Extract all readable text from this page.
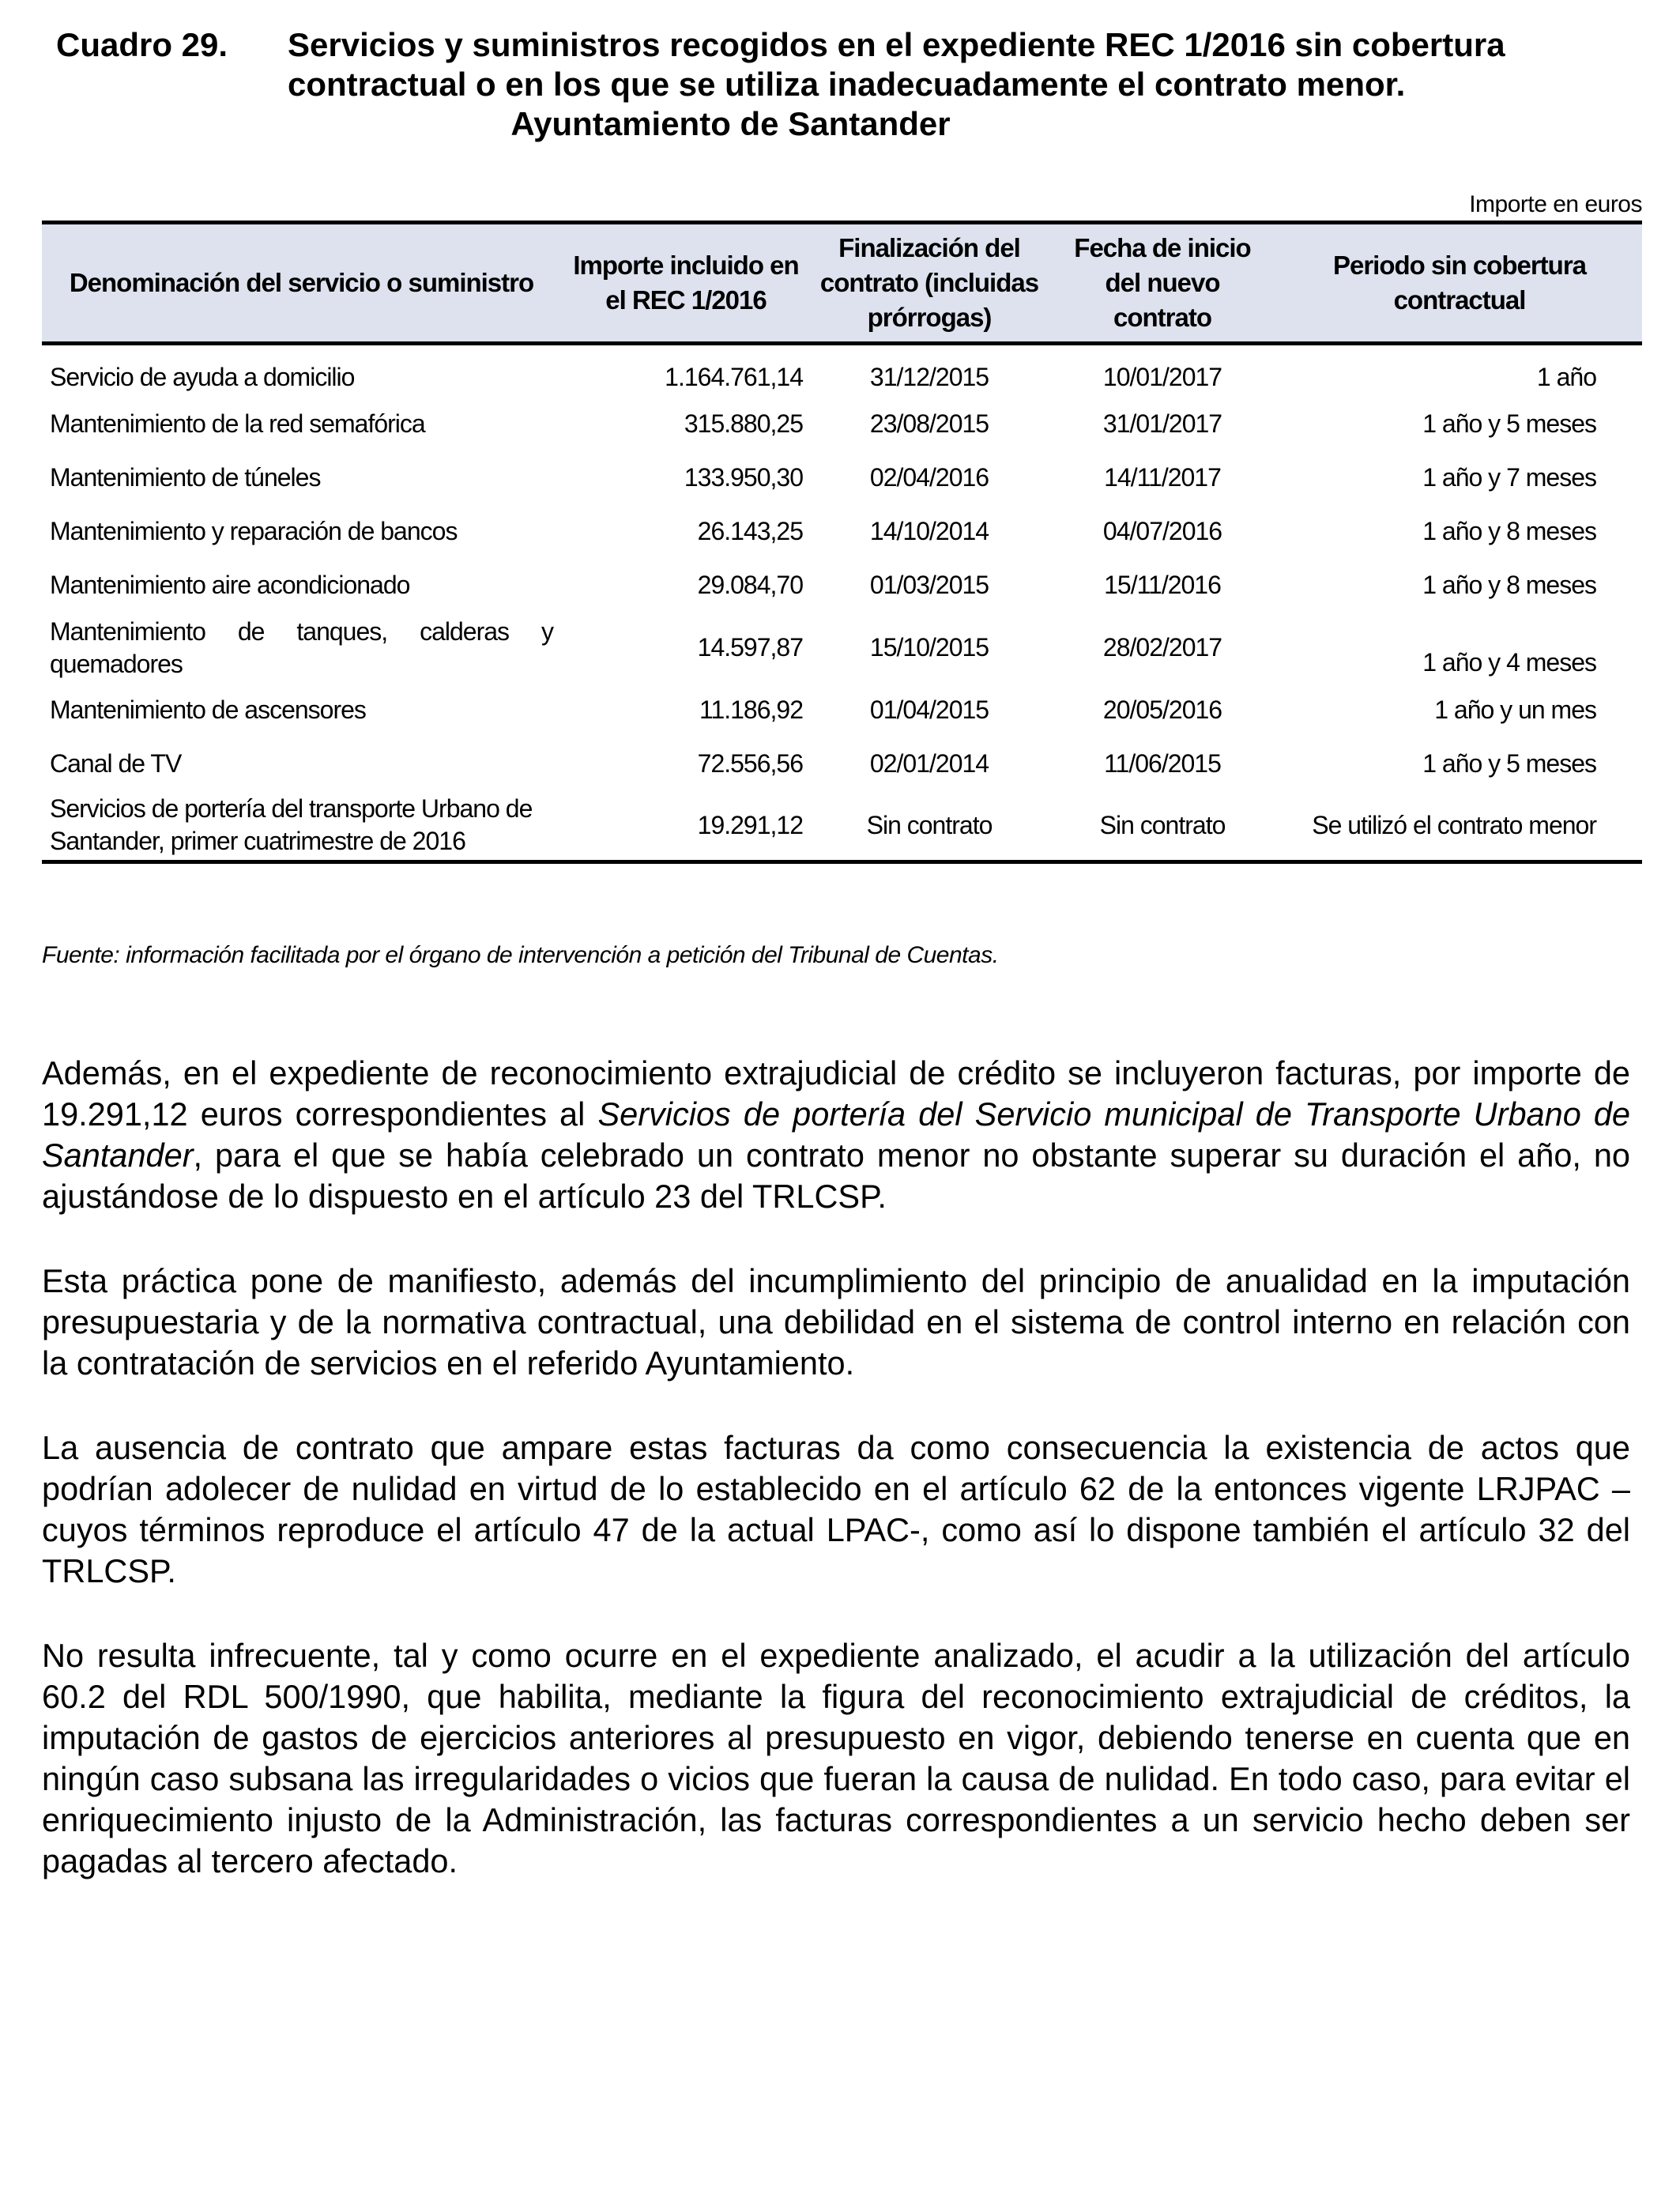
Cuadro 29.	Servicios y suministros recogidos en el expediente REC 1/2016 sin cobertura
contractual o en los que se utiliza inadecuadamente el contrato menor.
Ayuntamiento de Santander
Importe en euros
Denominación del servicio o suministro	Importe incluido en el REC 1/2016	Finalización del contrato (incluidas prórrogas)	Fecha de inicio del nuevo contrato	Periodo sin cobertura contractual
Servicio de ayuda a domicilio	1.164.761,14	31/12/2015	10/01/2017	1 año
Mantenimiento de la red semafórica	315.880,25	23/08/2015	31/01/2017	1 año y 5 meses
Mantenimiento de túneles	133.950,30	02/04/2016	14/11/2017	1 año y 7 meses
Mantenimiento y reparación de bancos	26.143,25	14/10/2014	04/07/2016	1 año y 8 meses
Mantenimiento aire acondicionado	29.084,70	01/03/2015	15/11/2016	1 año y 8 meses
Mantenimiento de tanques, calderas y quemadores	14.597,87	15/10/2015	28/02/2017	1 año y 4 meses
Mantenimiento de ascensores	11.186,92	01/04/2015	20/05/2016	1 año y un mes
Canal de TV	72.556,56	02/01/2014	11/06/2015	1 año y 5 meses
Servicios de portería del transporte Urbano de Santander, primer cuatrimestre de 2016	19.291,12	Sin contrato	Sin contrato	Se utilizó el contrato menor
Fuente: información facilitada por el órgano de intervención a petición del Tribunal de Cuentas.

Además, en el expediente de reconocimiento extrajudicial de crédito se incluyeron facturas, por importe de 19.291,12 euros correspondientes al Servicios de portería del Servicio municipal de Transporte Urbano de Santander, para el que se había celebrado un contrato menor no obstante superar su duración el año, no ajustándose de lo dispuesto en el artículo 23 del TRLCSP.

Esta práctica pone de manifiesto, además del incumplimiento del principio de anualidad en la imputación presupuestaria y de la normativa contractual, una debilidad en el sistema de control interno en relación con la contratación de servicios en el referido Ayuntamiento.

La ausencia de contrato que ampare estas facturas da como consecuencia la existencia de actos que podrían adolecer de nulidad en virtud de lo establecido en el artículo 62 de la entonces vigente LRJPAC –cuyos términos reproduce el artículo 47 de la actual LPAC-, como así lo dispone también el artículo 32 del TRLCSP.

No resulta infrecuente, tal y como ocurre en el expediente analizado, el acudir a la utilización del artículo 60.2 del RDL 500/1990, que habilita, mediante la figura del reconocimiento extrajudicial de créditos, la imputación de gastos de ejercicios anteriores al presupuesto en vigor, debiendo tenerse en cuenta que en ningún caso subsana las irregularidades o vicios que fueran la causa de nulidad. En todo caso, para evitar el enriquecimiento injusto de la Administración, las facturas correspondientes a un servicio hecho deben ser pagadas al tercero afectado.
